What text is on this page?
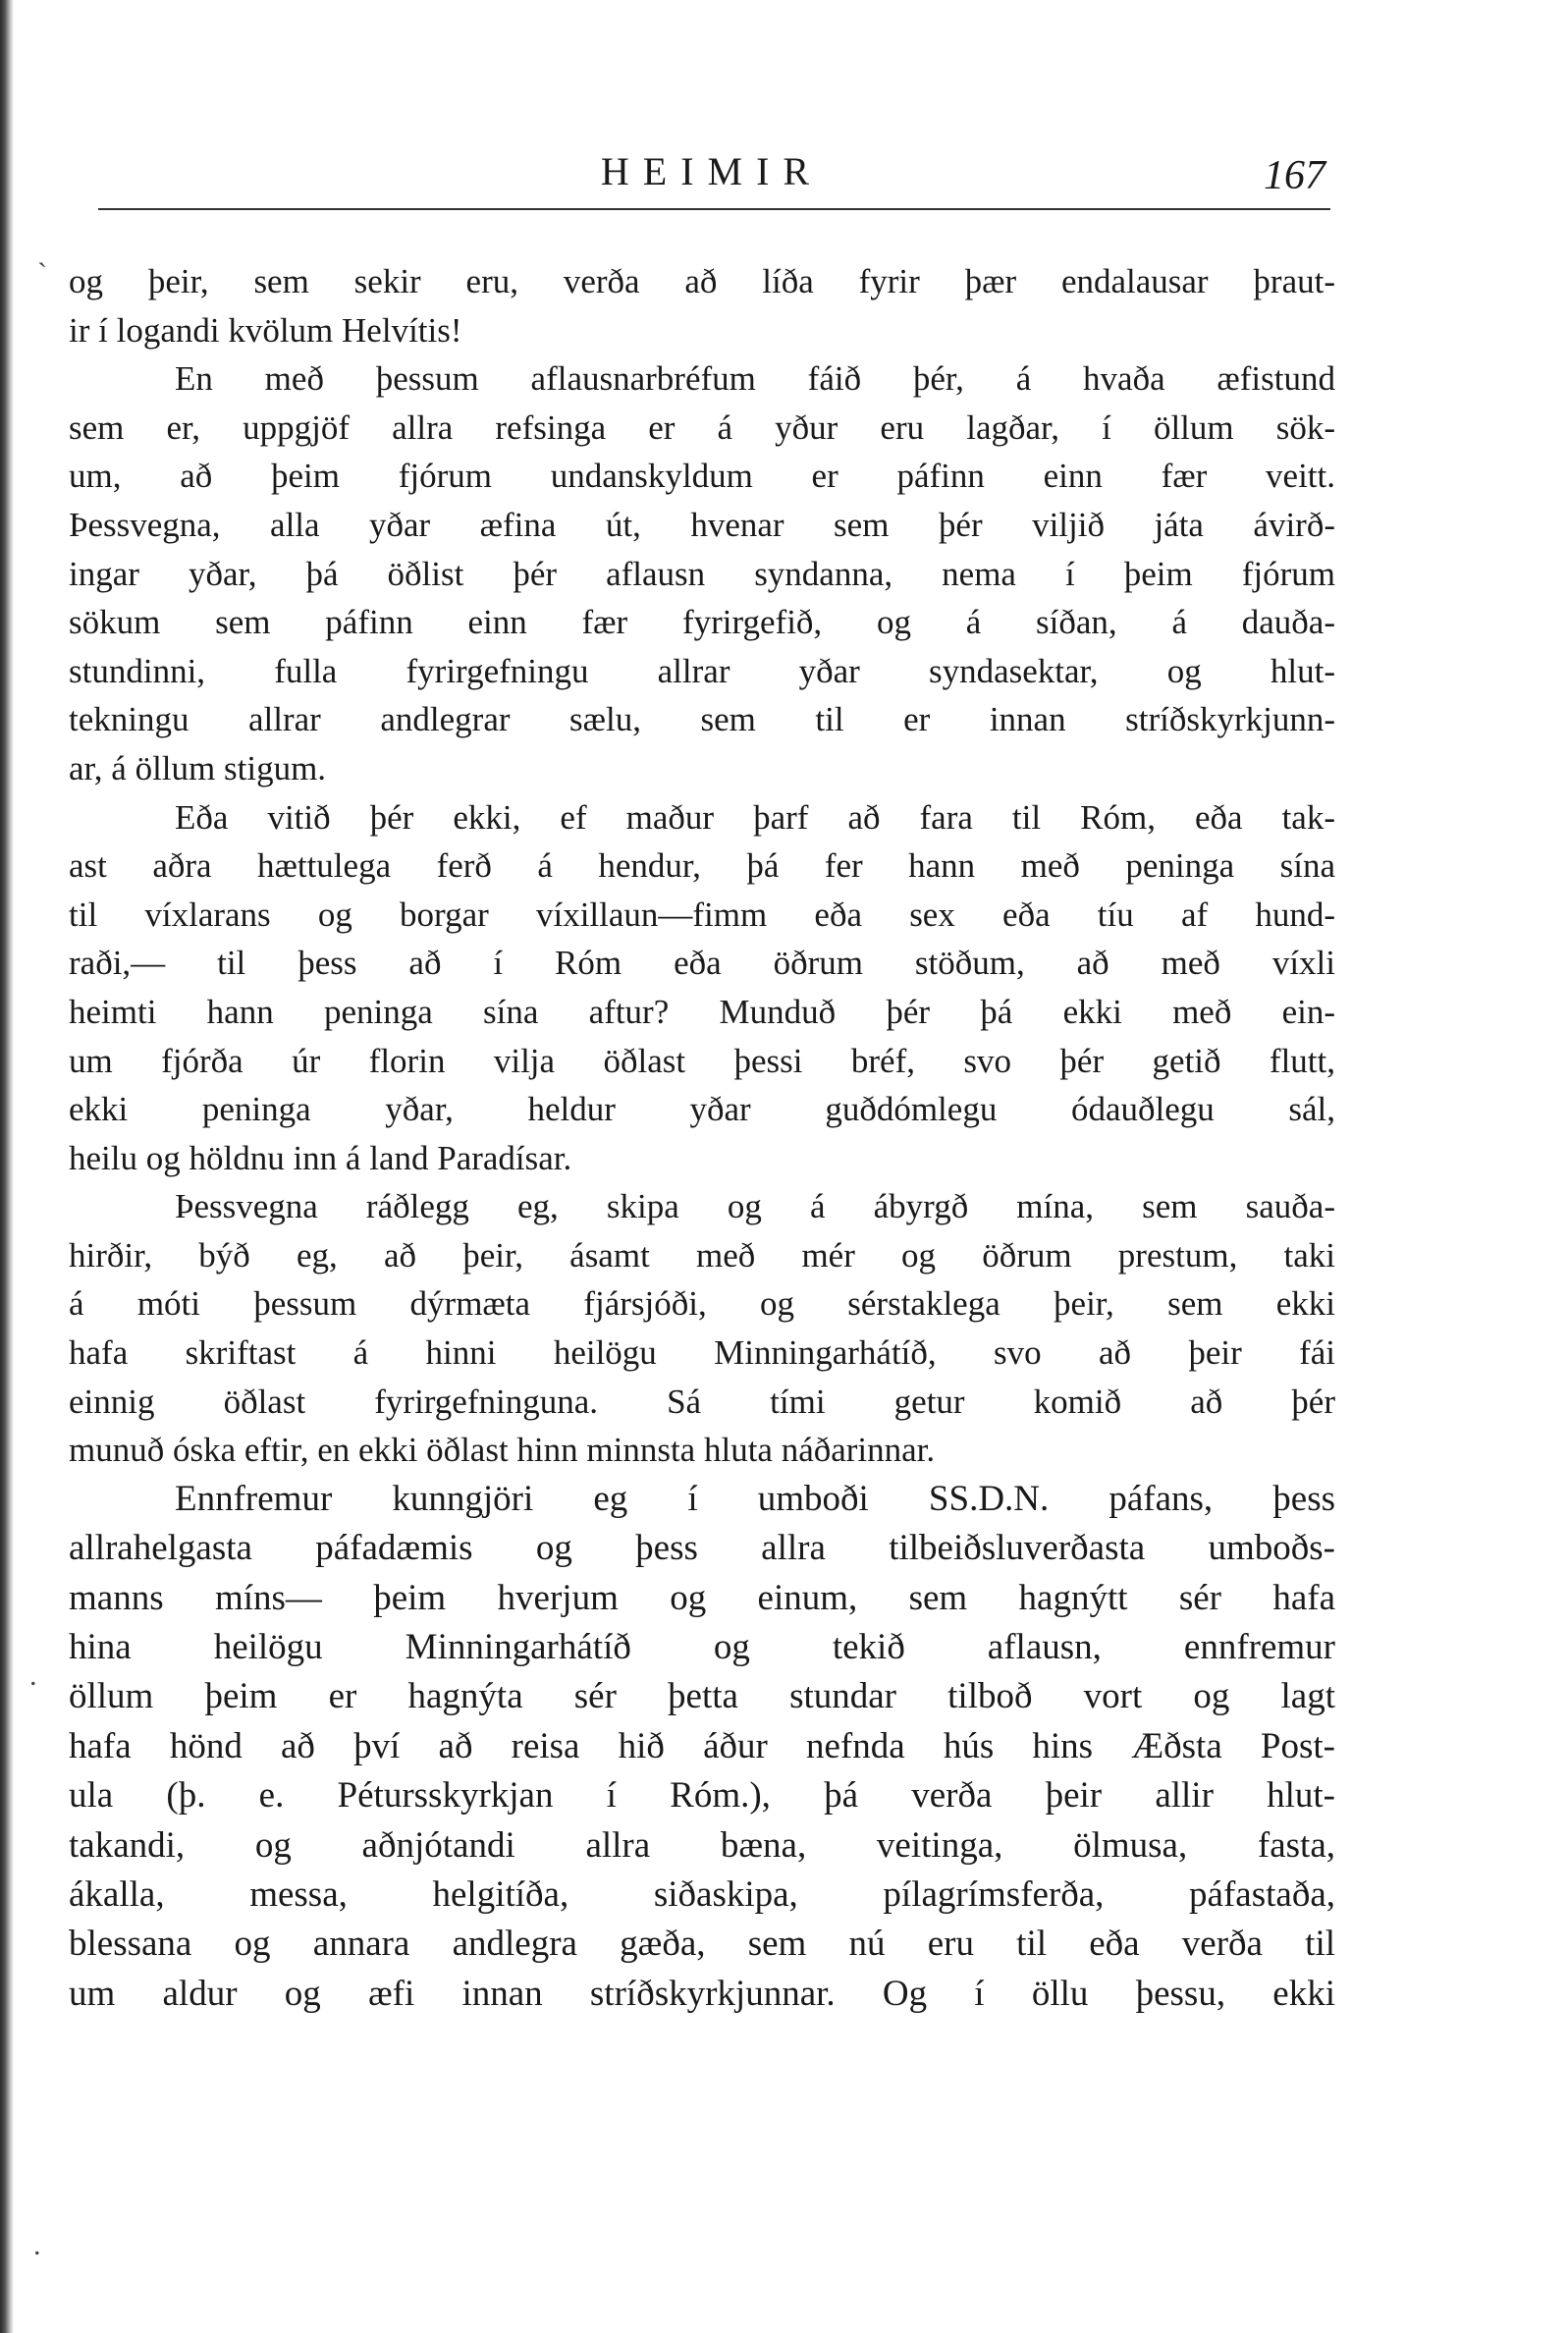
HEIMIR	167
`
.
.
og þeir, sem sekir eru, verða að líða fyrir þær endalausar þraut-
ir í logandi kvölum Helvítis!
En með þessum aflausnarbréfum fáið þér, á hvaða æfistund
sem er, uppgjöf allra refsinga er á yður eru lagðar, í öllum sök-
um, að þeim fjórum undanskyldum er páfinn einn fær veitt.
Þessvegna, alla yðar æfina út, hvenar sem þér viljið játa ávirð-
ingar yðar, þá öðlist þér aflausn syndanna, nema í þeim fjórum
sökum sem páfinn einn fær fyrirgefið, og á síðan, á dauða-
stundinni, fulla fyrirgefningu allrar yðar syndasektar, og hlut-
tekningu allrar andlegrar sælu, sem til er innan stríðskyrkjunn-
ar, á öllum stigum.
Eða vitið þér ekki, ef maður þarf að fara til Róm, eða tak-
ast aðra hættulega ferð á hendur, þá fer hann með peninga sína
til víxlarans og borgar víxillaun—fimm eða sex eða tíu af hund-
raði,— til þess að í Róm eða öðrum stöðum, að með víxli
heimti hann peninga sína aftur? Munduð þér þá ekki með ein-
um fjórða úr florin vilja öðlast þessi bréf, svo þér getið flutt,
ekki peninga yðar, heldur yðar guðdómlegu ódauðlegu sál,
heilu og höldnu inn á land Paradísar.
Þessvegna ráðlegg eg, skipa og á ábyrgð mína, sem sauða-
hirðir, býð eg, að þeir, ásamt með mér og öðrum prestum, taki
á móti þessum dýrmæta fjársjóði, og sérstaklega þeir, sem ekki
hafa skriftast á hinni heilögu Minningarhátíð, svo að þeir fái
einnig öðlast fyrirgefninguna. Sá tími getur komið að þér
munuð óska eftir, en ekki öðlast hinn minnsta hluta náðarinnar.
Ennfremur kunngjöri eg í umboði SS.D.N. páfans, þess
allrahelgasta páfadæmis og þess allra tilbeiðsluverðasta umboðs-
manns míns— þeim hverjum og einum, sem hagnýtt sér hafa
hina heilögu Minningarhátíð og tekið aflausn, ennfremur
öllum þeim er hagnýta sér þetta stundar tilboð vort og lagt
hafa hönd að því að reisa hið áður nefnda hús hins Æðsta Post-
ula (þ. e. Pétursskyrkjan í Róm.), þá verða þeir allir hlut-
takandi, og aðnjótandi allra bæna, veitinga, ölmusa, fasta,
ákalla, messa, helgitíða, siðaskipa, pílagrímsferða, páfastaða,
blessana og annara andlegra gæða, sem nú eru til eða verða til
um aldur og æfi innan stríðskyrkjunnar. Og í öllu þessu, ekki
